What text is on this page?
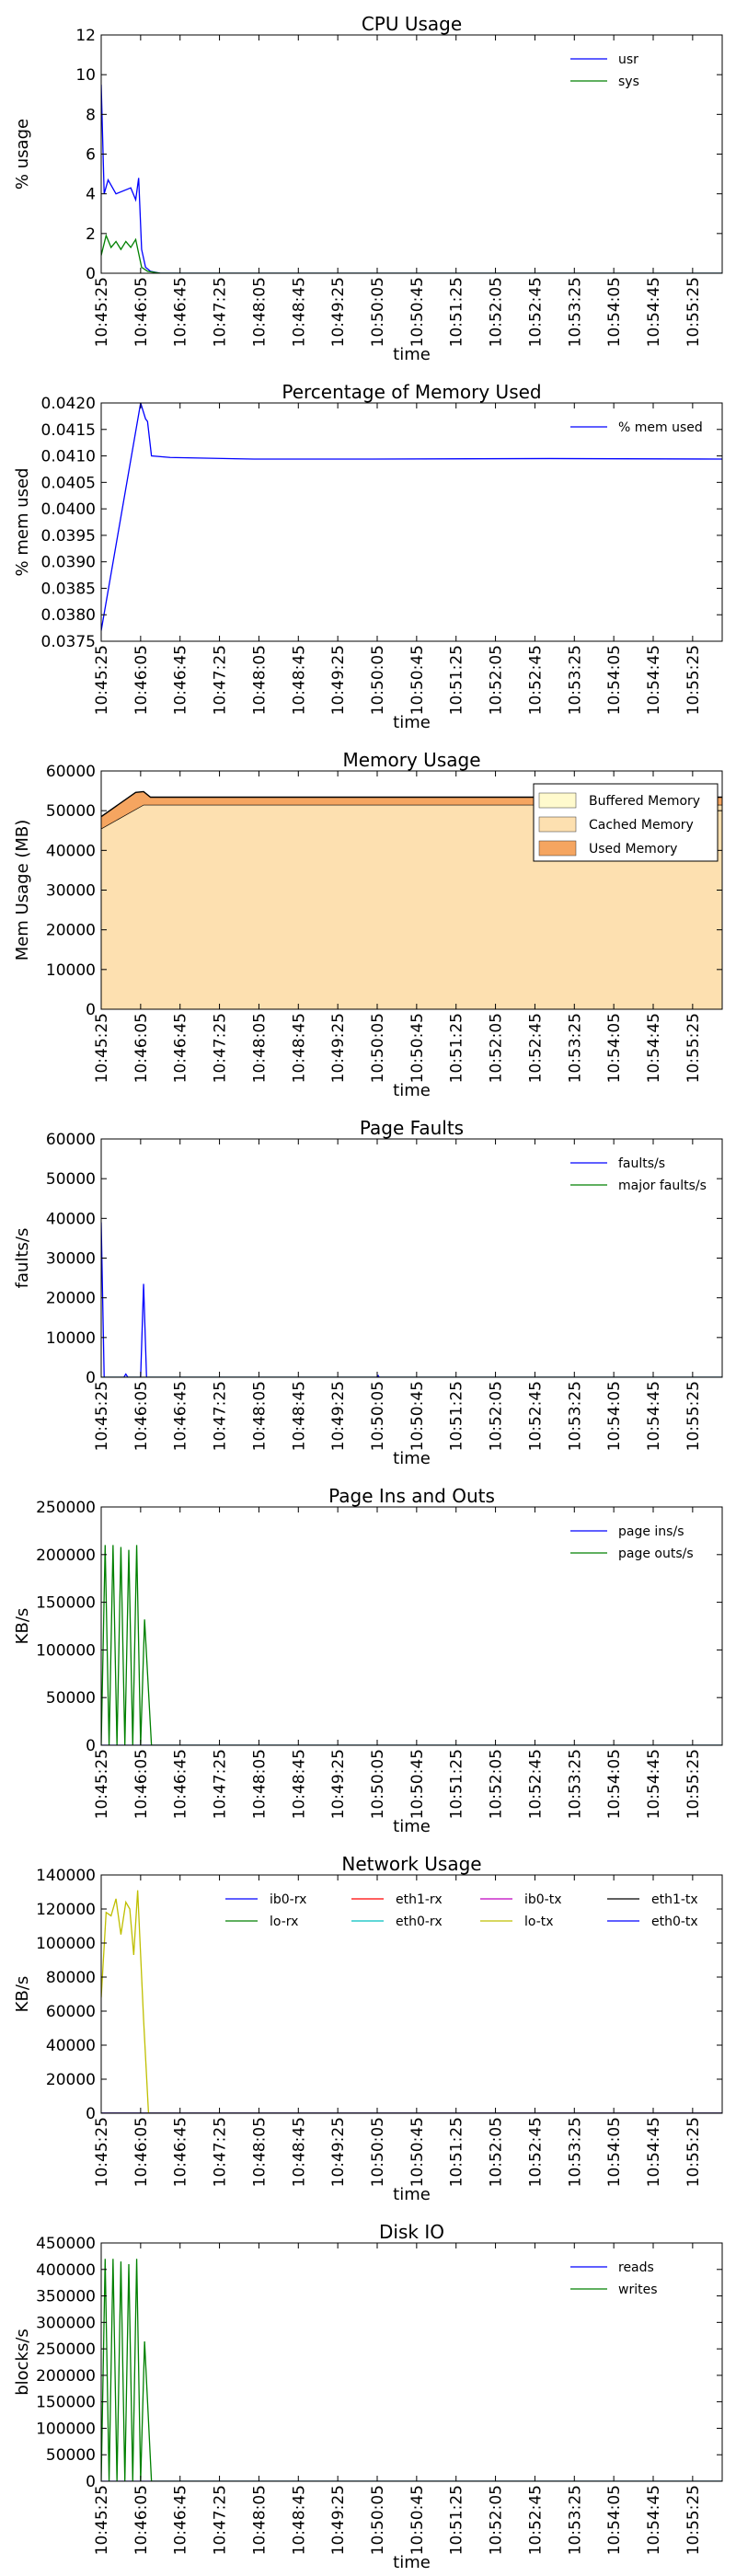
CPU Usage
0
2
4
6
8
10
12
10:45:25 10:46:05 10:46:45 10:47:25 10:48:05 10:48:45 10:49:25 10:50:05 10:50:45 10:51:25 10:52:05 10:52:45 10:53:25 10:54:05 10:54:45 10:55:25
time
% usage
usr
sys
Percentage of Memory Used
0.0375
0.0380
0.0385
0.0390
0.0395
0.0400
0.0405
0.0410
0.0415
0.0420
10:45:25 10:46:05 10:46:45 10:47:25 10:48:05 10:48:45 10:49:25 10:50:05 10:50:45 10:51:25 10:52:05 10:52:45 10:53:25 10:54:05 10:54:45 10:55:25
time
% mem used
% mem used
Memory Usage
0
10000
20000
30000
40000
50000
60000
10:45:25 10:46:05 10:46:45 10:47:25 10:48:05 10:48:45 10:49:25 10:50:05 10:50:45 10:51:25 10:52:05 10:52:45 10:53:25 10:54:05 10:54:45 10:55:25
time
Mem Usage (MB)
Buffered Memory
Cached Memory
Used Memory
Page Faults
0
10000
20000
30000
40000
50000
60000
10:45:25 10:46:05 10:46:45 10:47:25 10:48:05 10:48:45 10:49:25 10:50:05 10:50:45 10:51:25 10:52:05 10:52:45 10:53:25 10:54:05 10:54:45 10:55:25
time
faults/s
faults/s
major faults/s
Page Ins and Outs
0
50000
100000
150000
200000
250000
10:45:25 10:46:05 10:46:45 10:47:25 10:48:05 10:48:45 10:49:25 10:50:05 10:50:45 10:51:25 10:52:05 10:52:45 10:53:25 10:54:05 10:54:45 10:55:25
time
KB/s
page ins/s
page outs/s
Network Usage
0
20000
40000
60000
80000
100000
120000
140000
10:45:25 10:46:05 10:46:45 10:47:25 10:48:05 10:48:45 10:49:25 10:50:05 10:50:45 10:51:25 10:52:05 10:52:45 10:53:25 10:54:05 10:54:45 10:55:25
time
KB/s
ib0-rx
lo-rx
eth1-rx
eth0-rx
ib0-tx
lo-tx
eth1-tx
eth0-tx
Disk IO
0
50000
100000
150000
200000
250000
300000
350000
400000
450000
10:45:25 10:46:05 10:46:45 10:47:25 10:48:05 10:48:45 10:49:25 10:50:05 10:50:45 10:51:25 10:52:05 10:52:45 10:53:25 10:54:05 10:54:45 10:55:25
time
blocks/s
reads
writes
